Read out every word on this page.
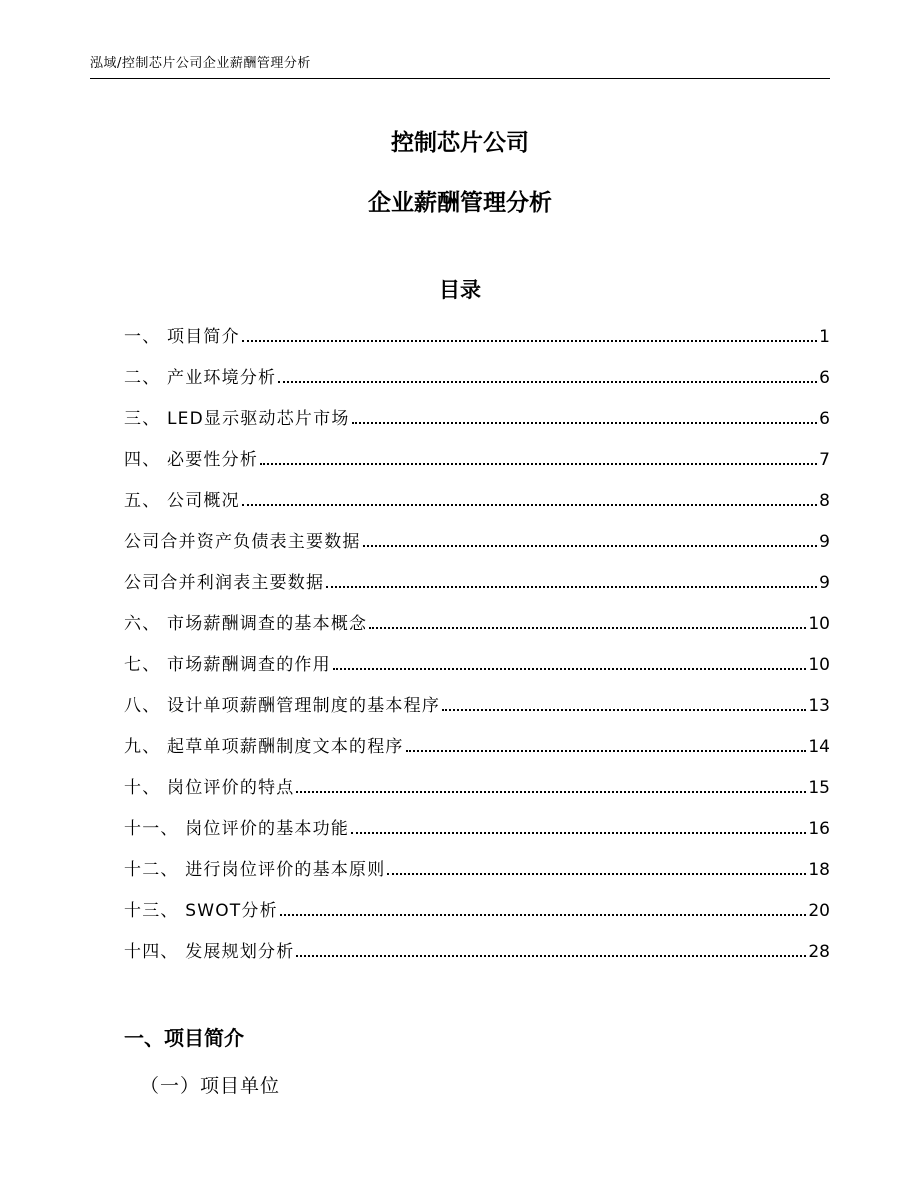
泓域/控制芯片公司企业薪酬管理分析
控制芯片公司
企业薪酬管理分析
目录
一、 项目简介	1
二、 产业环境分析	6
三、 LED显示驱动芯片市场	6
四、 必要性分析	7
五、 公司概况	8
公司合并资产负债表主要数据	9
公司合并利润表主要数据	9
六、 市场薪酬调查的基本概念	10
七、 市场薪酬调查的作用	10
八、 设计单项薪酬管理制度的基本程序	13
九、 起草单项薪酬制度文本的程序	14
十、 岗位评价的特点	15
十一、 岗位评价的基本功能	16
十二、 进行岗位评价的基本原则	18
十三、 SWOT分析	20
十四、 发展规划分析	28
一、项目简介
（一）项目单位
